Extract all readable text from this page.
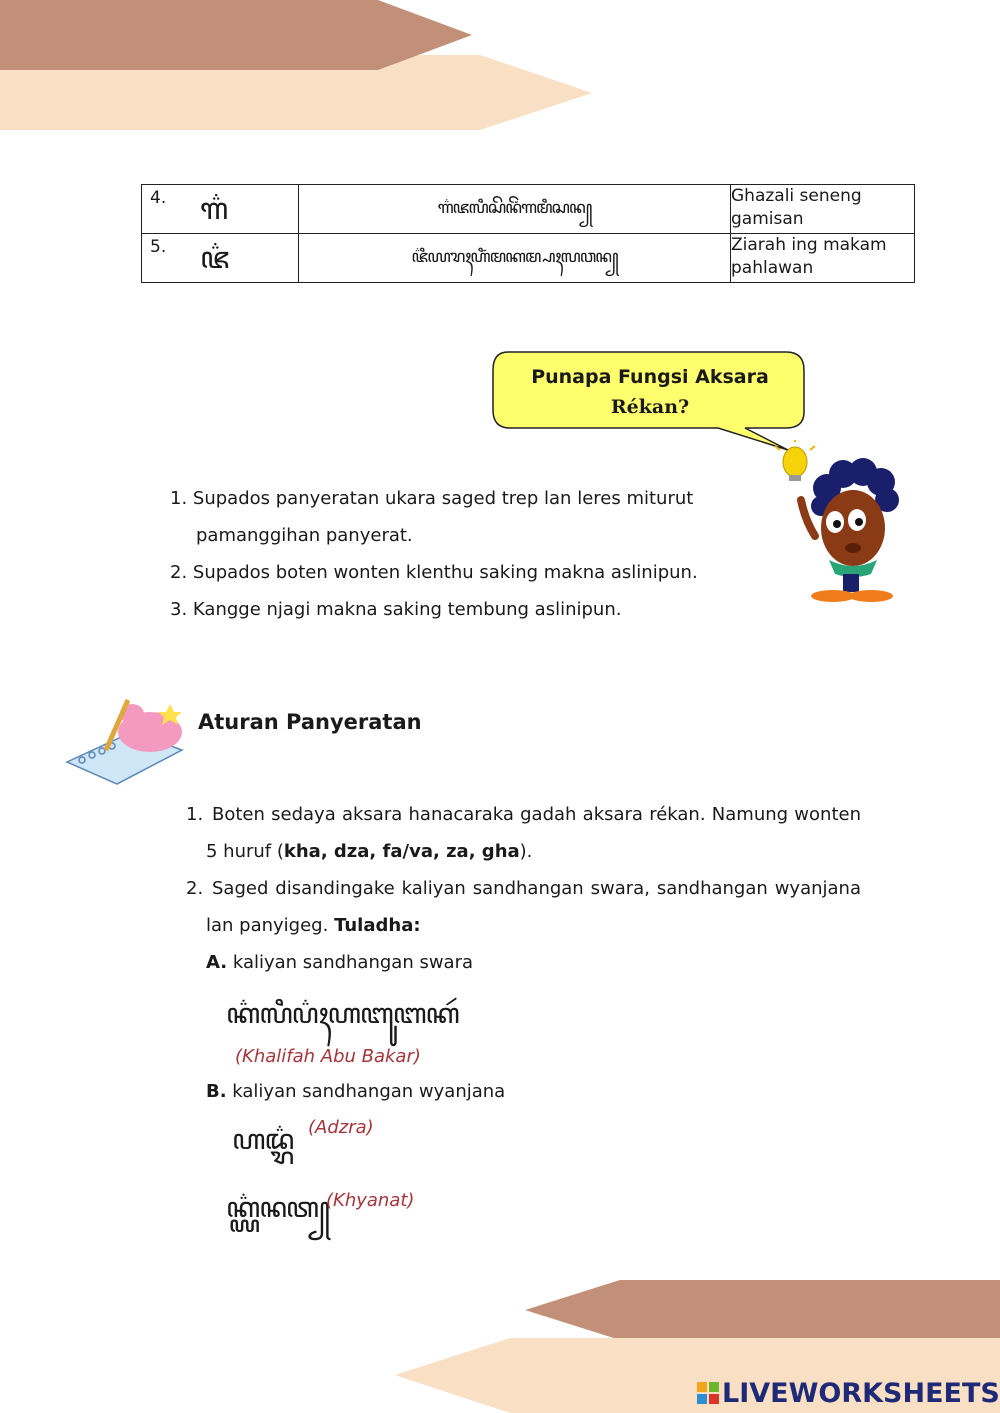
4. ꦒ꦳	ꦒ꦳ꦗꦭꦶꦱꦼꦤꦼꦁꦒꦩꦶꦱꦤ꧀	Ghazali seneng gamisan

5. ꦗ꦳	ꦗ꦳ꦶꦪꦫꦃꦲꦶꦁꦩꦏꦩ꧀ꦥꦃꦭꦮꦤ꧀	Ziarah ing makam pahlawan
Punapa Fungsi Aksara
Rékan?
1. Supados panyeratan ukara saged trep lan leres miturut
pamanggihan panyerat.
2. Supados boten wonten klenthu saking makna aslinipun.
3. Kangge njagi makna saking tembung aslinipun.
Aturan Panyeratan
1. Boten sedaya aksara hanacaraka gadah aksara rékan. Namung wonten
5 huruf (kha, dza, fa/va, za, gha).
2. Saged disandingake kaliyan sandhangan swara, sandhangan wyanjana
lan panyigeg. Tuladha:
A. kaliyan sandhangan swara
ꦏ꦳ꦭꦶꦥ꦳ꦃꦲꦧꦸꦧꦏꦂ
(Khalifah Abu Bakar)
B. kaliyan sandhangan wyanjana
ꦲꦢ꦳꧀ꦫ (Adzra)
ꦏ꦳꧀ꦪꦤꦠ꧀
(Khyanat)
LIVEWORKSHEETS
